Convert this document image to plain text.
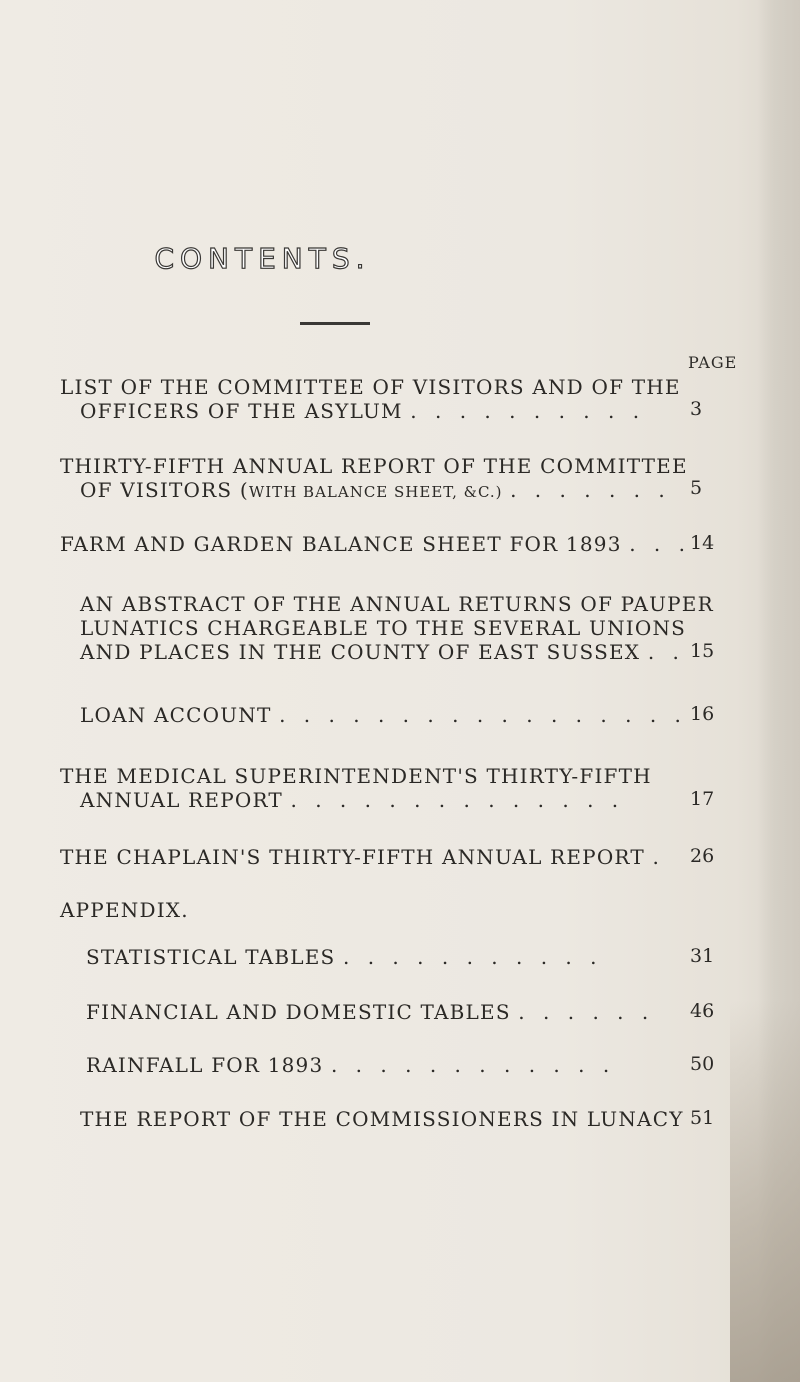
CONTENTS.
PAGE
LIST OF THE COMMITTEE OF VISITORS AND OF THE
OFFICERS OF THE ASYLUM . . . . . . . . . .	3
THIRTY-FIFTH ANNUAL REPORT OF THE COMMITTEE
OF VISITORS (WITH BALANCE SHEET, &C.) . . . . . . .	5
FARM AND GARDEN BALANCE SHEET FOR 1893 . . . 14
AN ABSTRACT OF THE ANNUAL RETURNS OF PAUPER
LUNATICS CHARGEABLE TO THE SEVERAL UNIONS
AND PLACES IN THE COUNTY OF EAST SUSSEX . . 15
LOAN ACCOUNT . . . . . . . . . . . . . . . . . 16
THE MEDICAL SUPERINTENDENT'S THIRTY-FIFTH
ANNUAL REPORT . . . . . . . . . . . . . .	17
THE CHAPLAIN'S THIRTY-FIFTH ANNUAL REPORT .	26
APPENDIX.
STATISTICAL TABLES . . . . . . . . . . .	31
FINANCIAL AND DOMESTIC TABLES . . . . . .	46
RAINFALL FOR 1893 . . . . . . . . . . . .	50
THE REPORT OF THE COMMISSIONERS IN LUNACY 51
